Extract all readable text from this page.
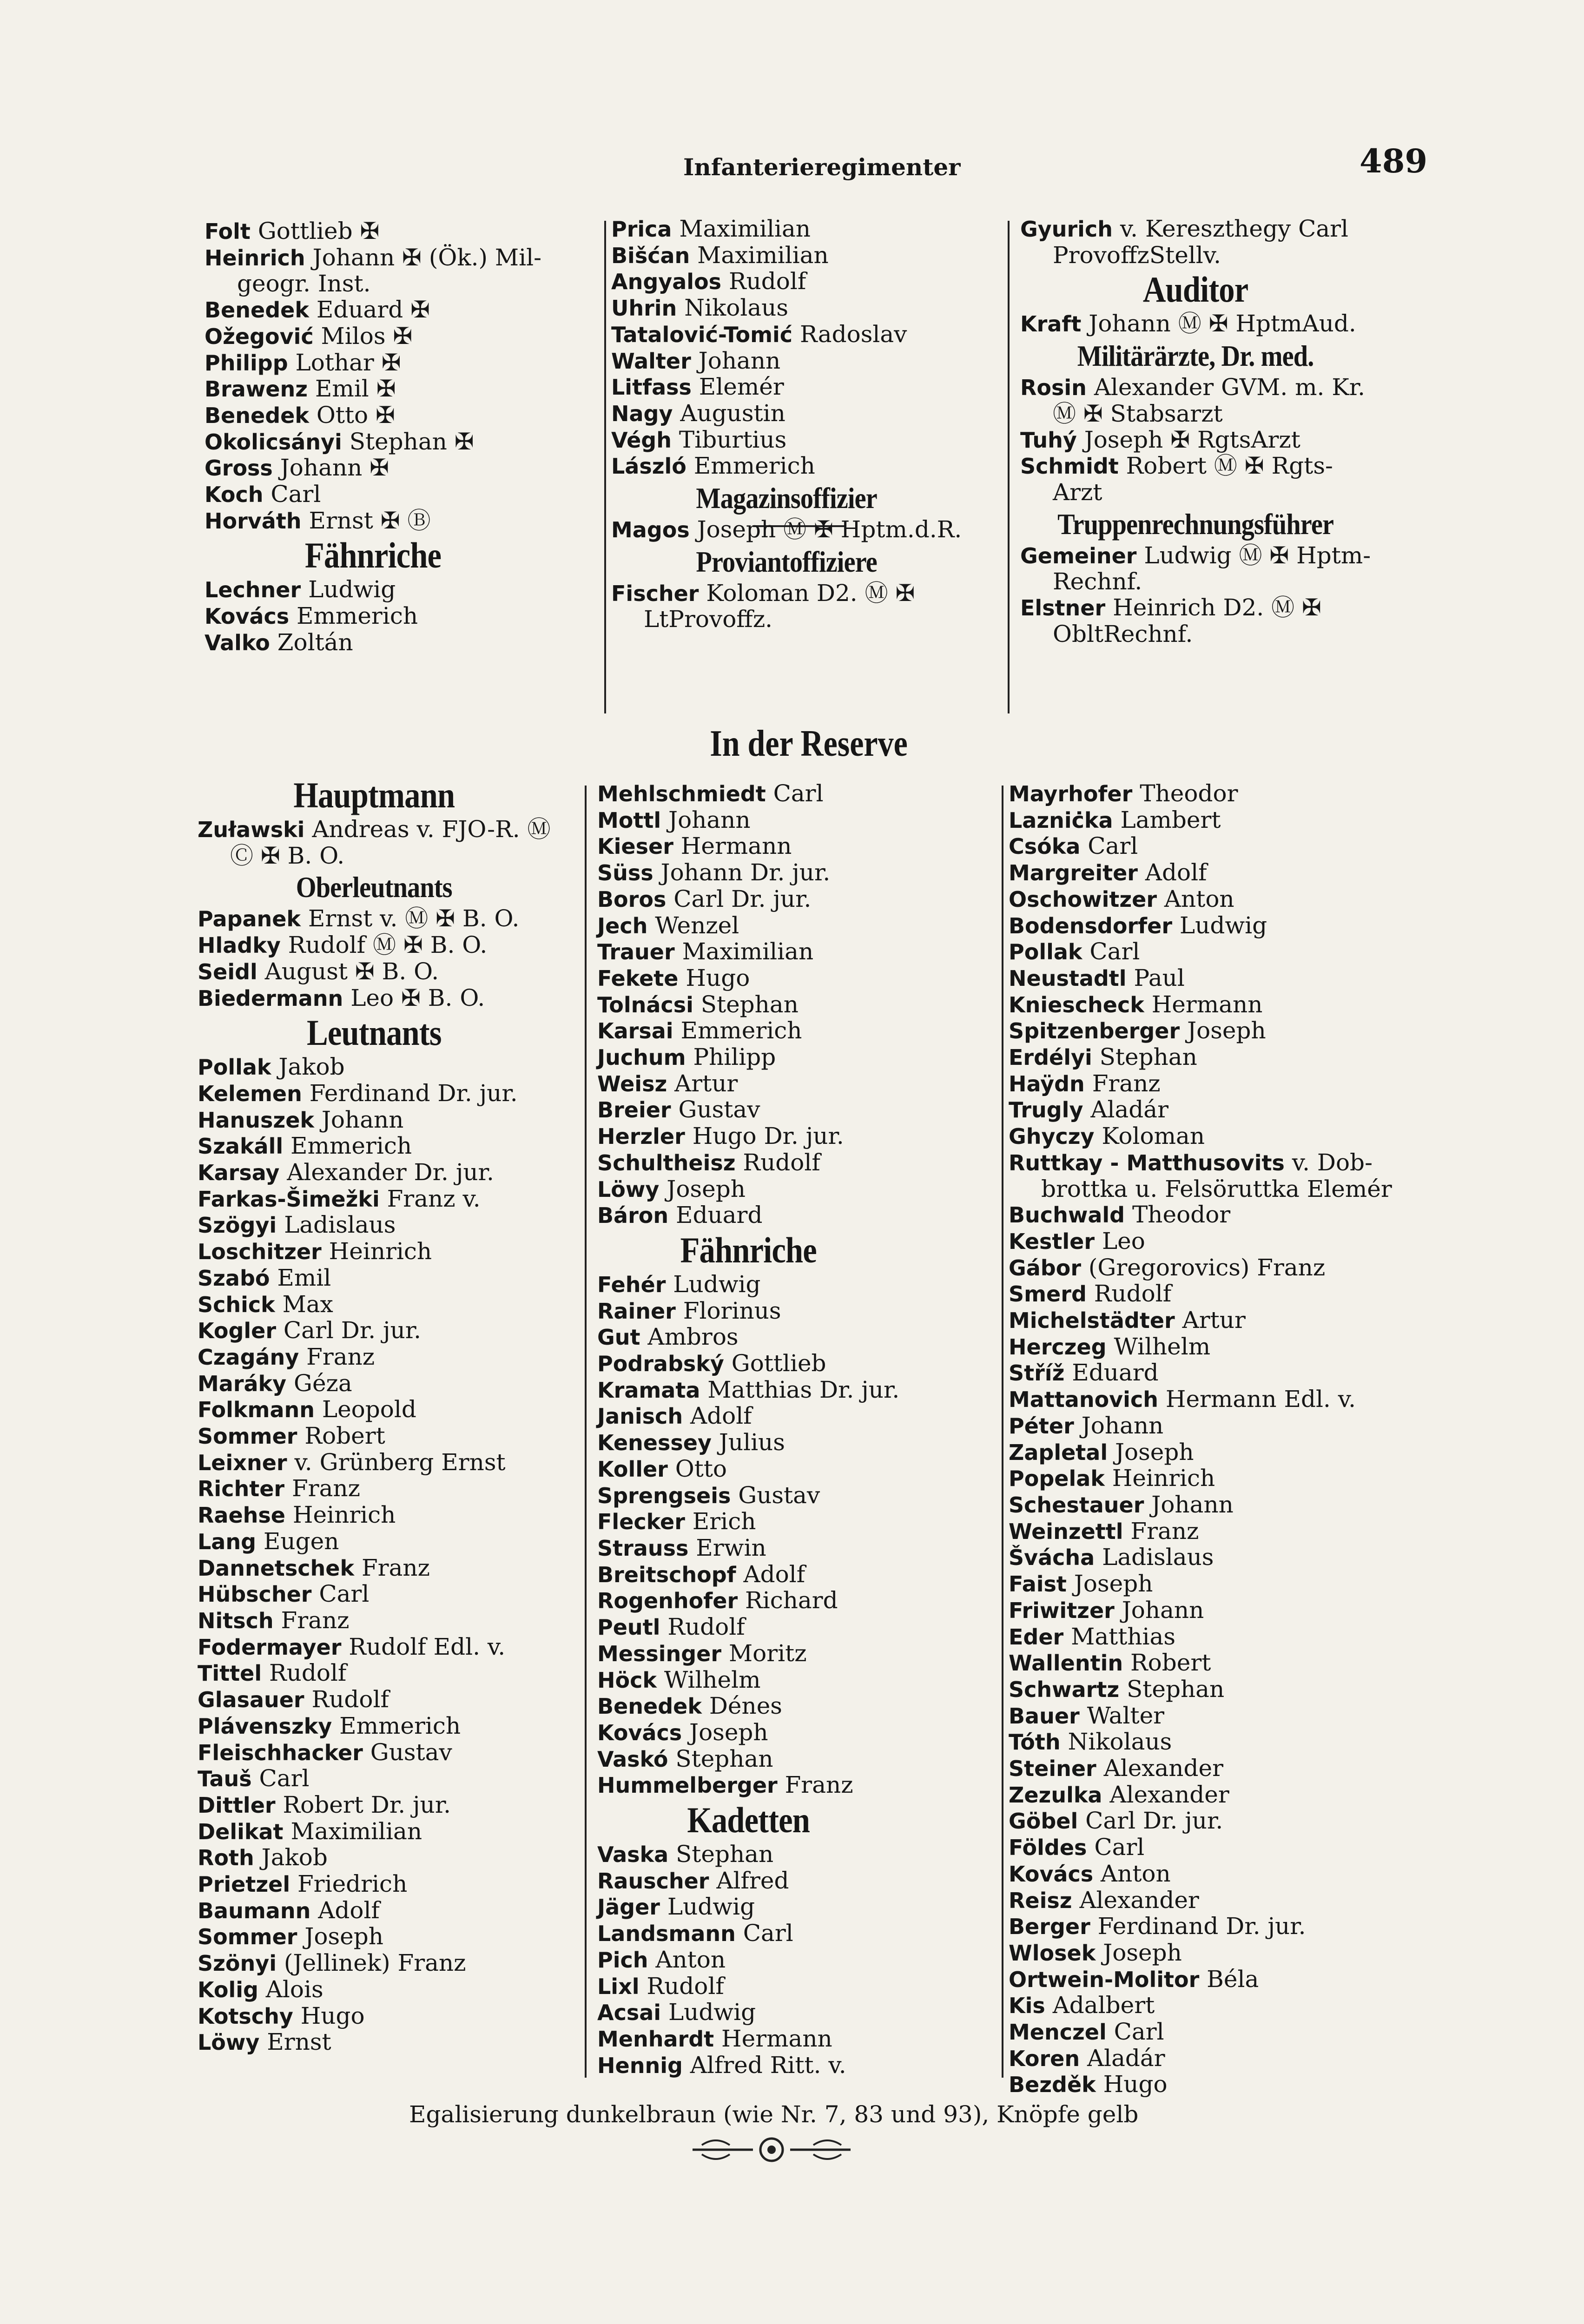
Infanterieregimenter	489
Folt Gottlieb ✠
Heinrich Johann ✠ (Ök.) Mil-
geogr. Inst.
Benedek Eduard ✠
Ožegović Milos ✠
Philipp Lothar ✠
Brawenz Emil ✠
Benedek Otto ✠
Okolicsányi Stephan ✠
Gross Johann ✠
Koch Carl
Horváth Ernst ✠ Ⓑ
Fähnriche
Lechner Ludwig
Kovács Emmerich
Valko Zoltán
Prica Maximilian
Bišćan Maximilian
Angyalos Rudolf
Uhrin Nikolaus
Tatalović-Tomić Radoslav
Walter Johann
Litfass Elemér
Nagy Augustin
Végh Tiburtius
László Emmerich
Magazinsoffizier
Magos Joseph Ⓜ ✠ Hptm.d.R.
Proviantoffiziere
Fischer Koloman D2. Ⓜ ✠
LtProvoffz.
Gyurich v. Kereszthegy Carl
ProvoffzStellv.
Auditor
Kraft Johann Ⓜ ✠ HptmAud.
Militärärzte, Dr. med.
Rosin Alexander GVM. m. Kr.
Ⓜ ✠ Stabsarzt
Tuhý Joseph ✠ RgtsArzt
Schmidt Robert Ⓜ ✠ Rgts-
Arzt
Truppenrechnungsführer
Gemeiner Ludwig Ⓜ ✠ Hptm-
Rechnf.
Elstner Heinrich D2. Ⓜ ✠
ObltRechnf.
In der Reserve
Hauptmann
Zuławski Andreas v. FJO-R. Ⓜ
Ⓒ ✠ B. O.
Oberleutnants
Papanek Ernst v. Ⓜ ✠ B. O.
Hladky Rudolf Ⓜ ✠ B. O.
Seidl August ✠ B. O.
Biedermann Leo ✠ B. O.
Leutnants
Pollak Jakob
Kelemen Ferdinand Dr. jur.
Hanuszek Johann
Szakáll Emmerich
Karsay Alexander Dr. jur.
Farkas-Šimežki Franz v.
Szögyi Ladislaus
Loschitzer Heinrich
Szabó Emil
Schick Max
Kogler Carl Dr. jur.
Czagány Franz
Maráky Géza
Folkmann Leopold
Sommer Robert
Leixner v. Grünberg Ernst
Richter Franz
Raehse Heinrich
Lang Eugen
Dannetschek Franz
Hübscher Carl
Nitsch Franz
Fodermayer Rudolf Edl. v.
Tittel Rudolf
Glasauer Rudolf
Plávenszky Emmerich
Fleischhacker Gustav
Tauš Carl
Dittler Robert Dr. jur.
Delikat Maximilian
Roth Jakob
Prietzel Friedrich
Baumann Adolf
Sommer Joseph
Szönyi (Jellinek) Franz
Kolig Alois
Kotschy Hugo
Löwy Ernst
Mehlschmiedt Carl
Mottl Johann
Kieser Hermann
Süss Johann Dr. jur.
Boros Carl Dr. jur.
Jech Wenzel
Trauer Maximilian
Fekete Hugo
Tolnácsi Stephan
Karsai Emmerich
Juchum Philipp
Weisz Artur
Breier Gustav
Herzler Hugo Dr. jur.
Schultheisz Rudolf
Löwy Joseph
Báron Eduard
Fähnriche
Fehér Ludwig
Rainer Florinus
Gut Ambros
Podrabský Gottlieb
Kramata Matthias Dr. jur.
Janisch Adolf
Kenessey Julius
Koller Otto
Sprengseis Gustav
Flecker Erich
Strauss Erwin
Breitschopf Adolf
Rogenhofer Richard
Peutl Rudolf
Messinger Moritz
Höck Wilhelm
Benedek Dénes
Kovács Joseph
Vaskó Stephan
Hummelberger Franz
Kadetten
Vaska Stephan
Rauscher Alfred
Jäger Ludwig
Landsmann Carl
Pich Anton
Lixl Rudolf
Acsai Ludwig
Menhardt Hermann
Hennig Alfred Ritt. v.
Mayrhofer Theodor
Lazniċka Lambert
Csóka Carl
Margreiter Adolf
Oschowitzer Anton
Bodensdorfer Ludwig
Pollak Carl
Neustadtl Paul
Kniescheck Hermann
Spitzenberger Joseph
Erdélyi Stephan
Haÿdn Franz
Trugly Aladár
Ghyczy Koloman
Ruttkay - Matthusovits v. Dob-
brottka u. Felsöruttka Elemér
Buchwald Theodor
Kestler Leo
Gábor (Gregorovics) Franz
Smerd Rudolf
Michelstädter Artur
Herczeg Wilhelm
Stříž Eduard
Mattanovich Hermann Edl. v.
Péter Johann
Zapletal Joseph
Popelak Heinrich
Schestauer Johann
Weinzettl Franz
Švácha Ladislaus
Faist Joseph
Friwitzer Johann
Eder Matthias
Wallentin Robert
Schwartz Stephan
Bauer Walter
Tóth Nikolaus
Steiner Alexander
Zezulka Alexander
Göbel Carl Dr. jur.
Földes Carl
Kovács Anton
Reisz Alexander
Berger Ferdinand Dr. jur.
Wlosek Joseph
Ortwein-Molitor Béla
Kis Adalbert
Menczel Carl
Koren Aladár
Bezděk Hugo
Egalisierung dunkelbraun (wie Nr. 7, 83 und 93), Knöpfe gelb
